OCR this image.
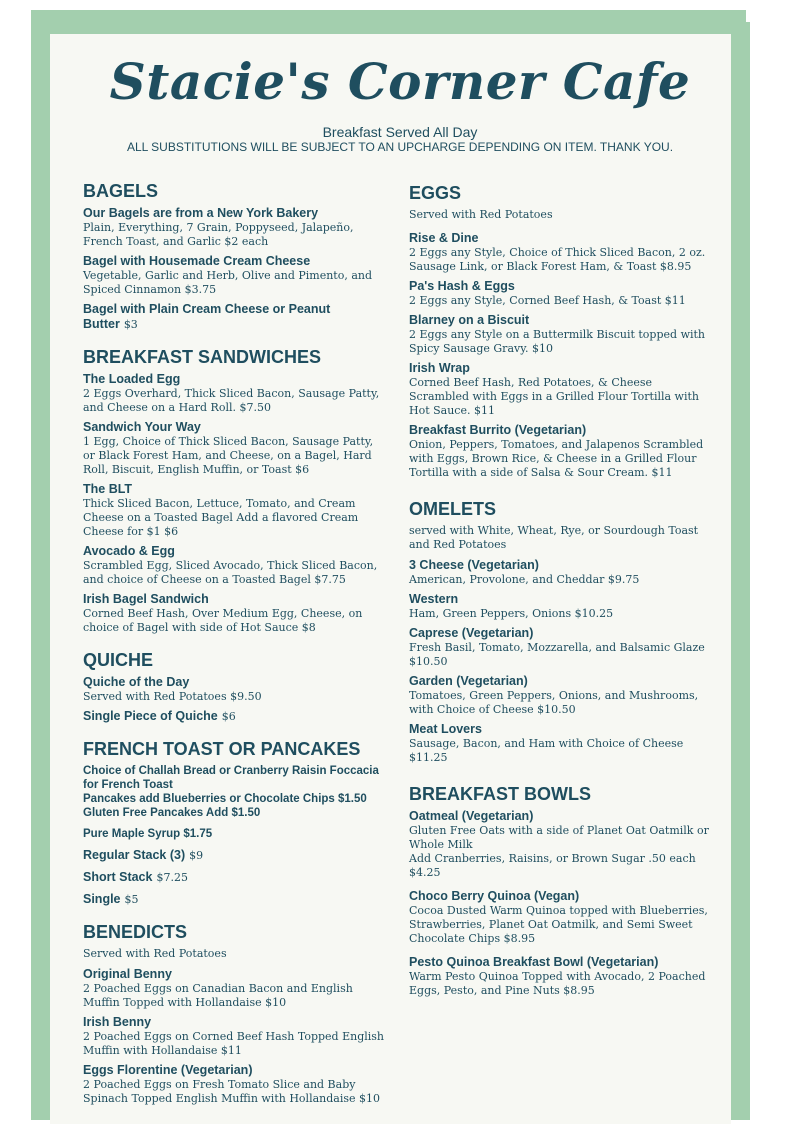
Stacie's Corner Cafe
Breakfast Served All Day
ALL SUBSTITUTIONS WILL BE SUBJECT TO AN UPCHARGE DEPENDING ON ITEM. THANK YOU.
BAGELS
Our Bagels are from a New York Bakery
Plain, Everything, 7 Grain, Poppyseed, Jalapeño, French Toast, and Garlic $2 each
Bagel with Housemade Cream Cheese
Vegetable, Garlic and Herb, Olive and Pimento, and Spiced Cinnamon $3.75
Bagel with Plain Cream Cheese or Peanut Butter $3
BREAKFAST SANDWICHES
The Loaded Egg
2 Eggs Overhard, Thick Sliced Bacon, Sausage Patty, and Cheese on a Hard Roll. $7.50
Sandwich Your Way
1 Egg, Choice of Thick Sliced Bacon, Sausage Patty, or Black Forest Ham, and Cheese, on a Bagel, Hard Roll, Biscuit, English Muffin, or Toast $6
The BLT
Thick Sliced Bacon, Lettuce, Tomato, and Cream Cheese on a Toasted Bagel Add a flavored Cream Cheese for $1 $6
Avocado & Egg
Scrambled Egg, Sliced Avocado, Thick Sliced Bacon, and choice of Cheese on a Toasted Bagel $7.75
Irish Bagel Sandwich
Corned Beef Hash, Over Medium Egg, Cheese, on choice of Bagel with side of Hot Sauce $8
QUICHE
Quiche of the Day
Served with Red Potatoes $9.50
Single Piece of Quiche $6
FRENCH TOAST OR PANCAKES
Choice of Challah Bread or Cranberry Raisin Foccacia for French Toast
Pancakes add Blueberries or Chocolate Chips $1.50
Gluten Free Pancakes Add $1.50
Pure Maple Syrup $1.75
Regular Stack (3) $9
Short Stack $7.25
Single $5
BENEDICTS
Served with Red Potatoes
Original Benny
2 Poached Eggs on Canadian Bacon and English Muffin Topped with Hollandaise $10
Irish Benny
2 Poached Eggs on Corned Beef Hash Topped English Muffin with Hollandaise $11
Eggs Florentine (Vegetarian)
2 Poached Eggs on Fresh Tomato Slice and Baby Spinach Topped English Muffin with Hollandaise $10
EGGS
Served with Red Potatoes
Rise & Dine
2 Eggs any Style, Choice of Thick Sliced Bacon, 2 oz. Sausage Link, or Black Forest Ham, & Toast $8.95
Pa's Hash & Eggs
2 Eggs any Style, Corned Beef Hash, & Toast $11
Blarney on a Biscuit
2 Eggs any Style on a Buttermilk Biscuit topped with Spicy Sausage Gravy. $10
Irish Wrap
Corned Beef Hash, Red Potatoes, & Cheese Scrambled with Eggs in a Grilled Flour Tortilla with Hot Sauce. $11
Breakfast Burrito (Vegetarian)
Onion, Peppers, Tomatoes, and Jalapenos Scrambled with Eggs, Brown Rice, & Cheese in a Grilled Flour Tortilla with a side of Salsa & Sour Cream. $11
OMELETS
served with White, Wheat, Rye, or Sourdough Toast and Red Potatoes
3 Cheese (Vegetarian)
American, Provolone, and Cheddar $9.75
Western
Ham, Green Peppers, Onions $10.25
Caprese (Vegetarian)
Fresh Basil, Tomato, Mozzarella, and Balsamic Glaze $10.50
Garden (Vegetarian)
Tomatoes, Green Peppers, Onions, and Mushrooms, with Choice of Cheese $10.50
Meat Lovers
Sausage, Bacon, and Ham with Choice of Cheese $11.25
BREAKFAST BOWLS
Oatmeal (Vegetarian)
Gluten Free Oats with a side of Planet Oat Oatmilk or Whole Milk
Add Cranberries, Raisins, or Brown Sugar .50 each $4.25
Choco Berry Quinoa (Vegan)
Cocoa Dusted Warm Quinoa topped with Blueberries, Strawberries, Planet Oat Oatmilk, and Semi Sweet Chocolate Chips $8.95
Pesto Quinoa Breakfast Bowl (Vegetarian)
Warm Pesto Quinoa Topped with Avocado, 2 Poached Eggs, Pesto, and Pine Nuts $8.95
